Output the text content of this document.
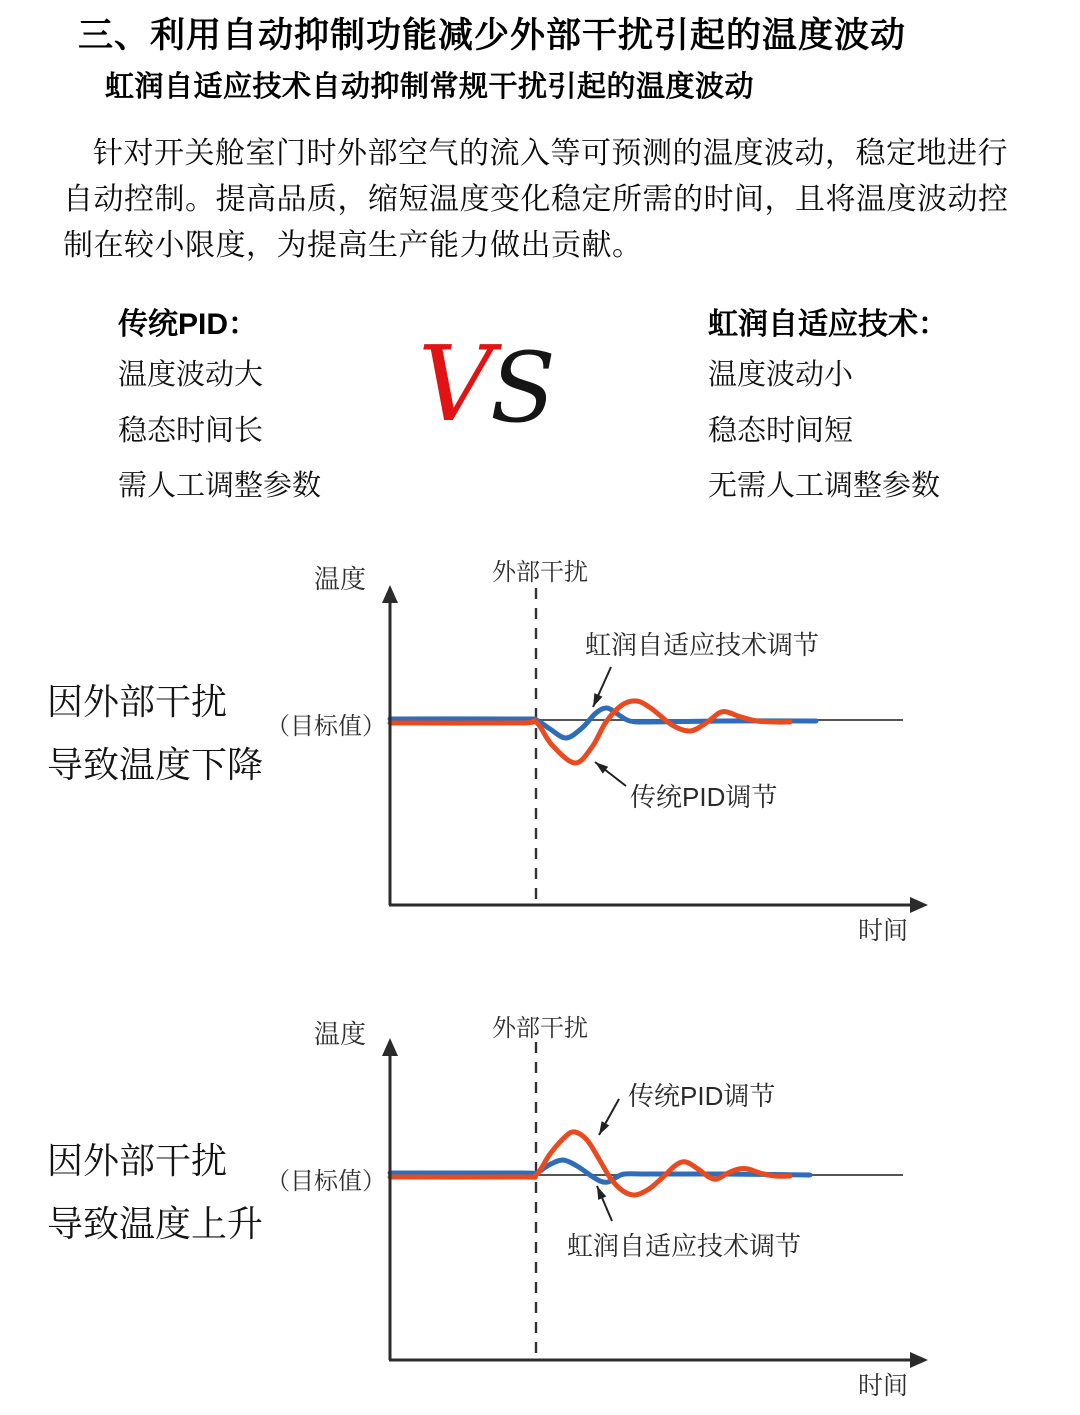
三、利用自动抑制功能减少外部干扰引起的温度波动
虹润自适应技术自动抑制常规干扰引起的温度波动
针对开关舱室门时外部空气的流入等可预测的温度波动，稳定地进行
自动控制。提高品质，缩短温度变化稳定所需的时间，且将温度波动控
制在较小限度，为提高生产能力做出贡献。
传统PID：
温度波动大
稳态时间长
需人工调整参数
V
S
虹润自适应技术：
温度波动小
稳态时间短
无需人工调整参数
因外部干扰
导致温度下降
温度	外部干扰
（目标值）
时间
虹润自适应技术调节
传统PID调节
因外部干扰
导致温度上升
温度	外部干扰
（目标值）
时间
传统PID调节
虹润自适应技术调节
